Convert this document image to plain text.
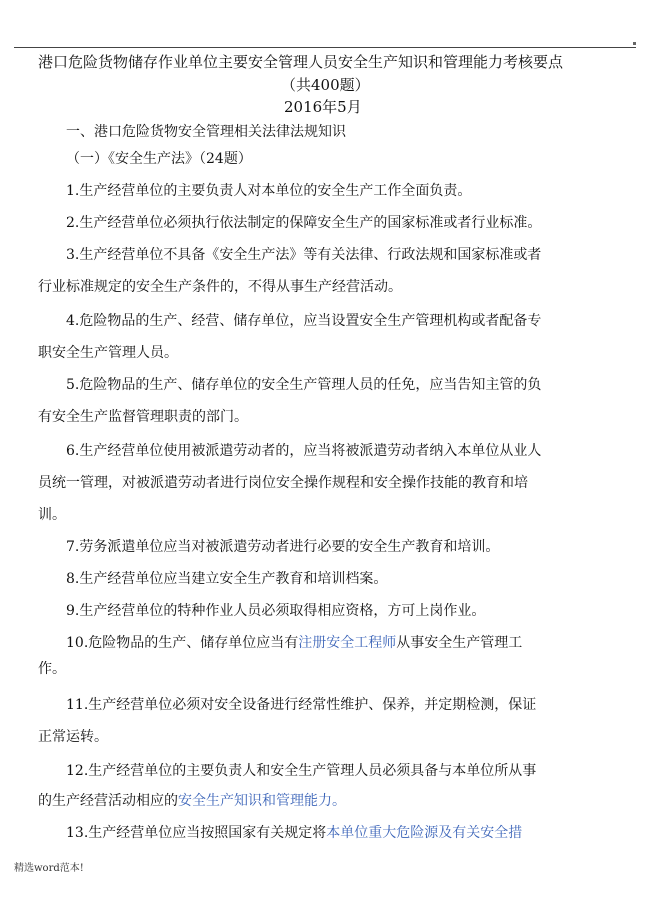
港口危险货物储存作业单位主要安全管理人员安全生产知识和管理能力考核要点
（共400题）
2016年5月
一、港口危险货物安全管理相关法律法规知识
（一）《安全生产法》（24题）
1.生产经营单位的主要负责人对本单位的安全生产工作全面负责。
2.生产经营单位必须执行依法制定的保障安全生产的国家标准或者行业标准。
3.生产经营单位不具备《安全生产法》等有关法律、行政法规和国家标准或者
行业标准规定的安全生产条件的，不得从事生产经营活动。
4.危险物品的生产、经营、储存单位，应当设置安全生产管理机构或者配备专
职安全生产管理人员。
5.危险物品的生产、储存单位的安全生产管理人员的任免，应当告知主管的负
有安全生产监督管理职责的部门。
6.生产经营单位使用被派遣劳动者的，应当将被派遣劳动者纳入本单位从业人
员统一管理，对被派遣劳动者进行岗位安全操作规程和安全操作技能的教育和培
训。
7.劳务派遣单位应当对被派遣劳动者进行必要的安全生产教育和培训。
8.生产经营单位应当建立安全生产教育和培训档案。
9.生产经营单位的特种作业人员必须取得相应资格，方可上岗作业。
10.危险物品的生产、储存单位应当有注册安全工程师从事安全生产管理工
作。
11.生产经营单位必须对安全设备进行经常性维护、保养，并定期检测，保证
正常运转。
12.生产经营单位的主要负责人和安全生产管理人员必须具备与本单位所从事
的生产经营活动相应的安全生产知识和管理能力。
13.生产经营单位应当按照国家有关规定将本单位重大危险源及有关安全措
精选word范本!
